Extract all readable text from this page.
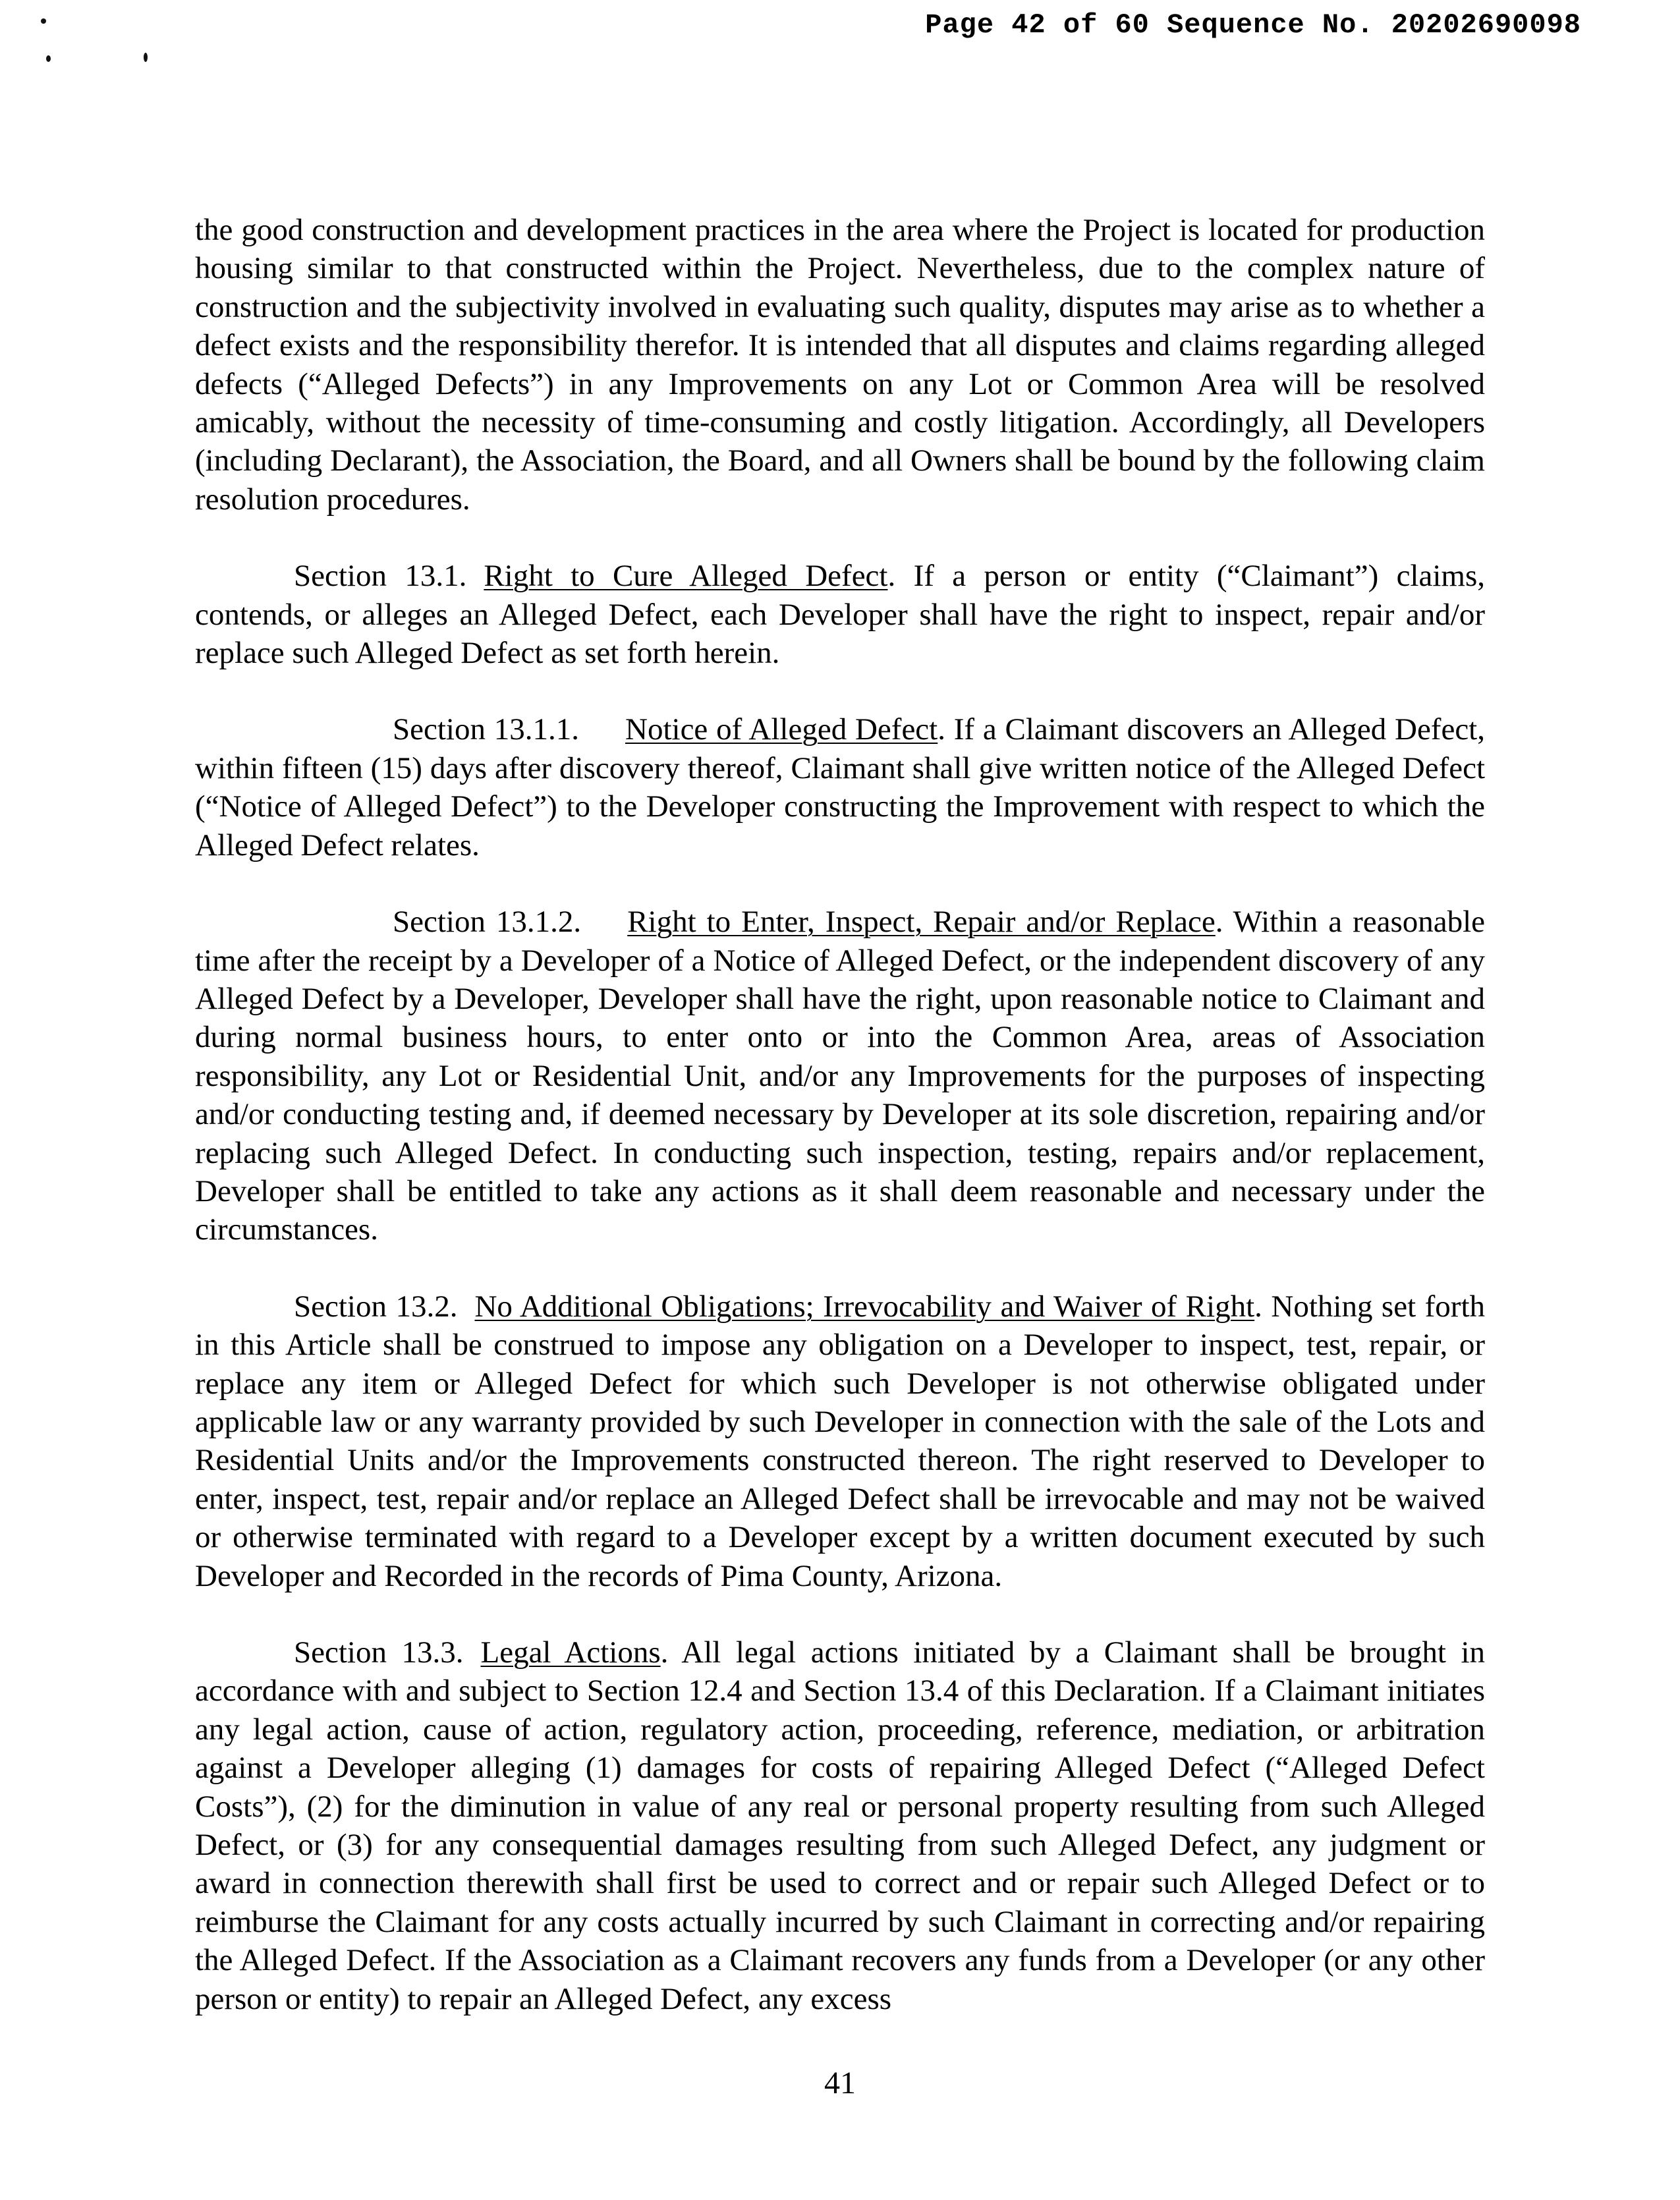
Page 42 of 60 Sequence No. 20202690098

the good construction and development practices in the area where the Project is located for production housing similar to that constructed within the Project. Nevertheless, due to the complex nature of construction and the subjectivity involved in evaluating such quality, disputes may arise as to whether a defect exists and the responsibility therefor. It is intended that all disputes and claims regarding alleged defects (“Alleged Defects”) in any Improvements on any Lot or Common Area will be resolved amicably, without the necessity of time-consuming and costly litigation. Accordingly, all Developers (including Declarant), the Association, the Board, and all Owners shall be bound by the following claim resolution procedures.

Section 13.1. Right to Cure Alleged Defect. If a person or entity (“Claimant”) claims, contends, or alleges an Alleged Defect, each Developer shall have the right to inspect, repair and/or replace such Alleged Defect as set forth herein.

Section 13.1.1. Notice of Alleged Defect. If a Claimant discovers an Alleged Defect, within fifteen (15) days after discovery thereof, Claimant shall give written notice of the Alleged Defect (“Notice of Alleged Defect”) to the Developer constructing the Improvement with respect to which the Alleged Defect relates.

Section 13.1.2. Right to Enter, Inspect, Repair and/or Replace. Within a reasonable time after the receipt by a Developer of a Notice of Alleged Defect, or the independent discovery of any Alleged Defect by a Developer, Developer shall have the right, upon reasonable notice to Claimant and during normal business hours, to enter onto or into the Common Area, areas of Association responsibility, any Lot or Residential Unit, and/or any Improvements for the purposes of inspecting and/or conducting testing and, if deemed necessary by Developer at its sole discretion, repairing and/or replacing such Alleged Defect. In conducting such inspection, testing, repairs and/or replacement, Developer shall be entitled to take any actions as it shall deem reasonable and necessary under the circumstances.

Section 13.2. No Additional Obligations; Irrevocability and Waiver of Right. Nothing set forth in this Article shall be construed to impose any obligation on a Developer to inspect, test, repair, or replace any item or Alleged Defect for which such Developer is not otherwise obligated under applicable law or any warranty provided by such Developer in connection with the sale of the Lots and Residential Units and/or the Improvements constructed thereon. The right reserved to Developer to enter, inspect, test, repair and/or replace an Alleged Defect shall be irrevocable and may not be waived or otherwise terminated with regard to a Developer except by a written document executed by such Developer and Recorded in the records of Pima County, Arizona.

Section 13.3. Legal Actions. All legal actions initiated by a Claimant shall be brought in accordance with and subject to Section 12.4 and Section 13.4 of this Declaration. If a Claimant initiates any legal action, cause of action, regulatory action, proceeding, reference, mediation, or arbitration against a Developer alleging (1) damages for costs of repairing Alleged Defect (“Alleged Defect Costs”), (2) for the diminution in value of any real or personal property resulting from such Alleged Defect, or (3) for any consequential damages resulting from such Alleged Defect, any judgment or award in connection therewith shall first be used to correct and or repair such Alleged Defect or to reimburse the Claimant for any costs actually incurred by such Claimant in correcting and/or repairing the Alleged Defect. If the Association as a Claimant recovers any funds from a Developer (or any other person or entity) to repair an Alleged Defect, any excess

41
